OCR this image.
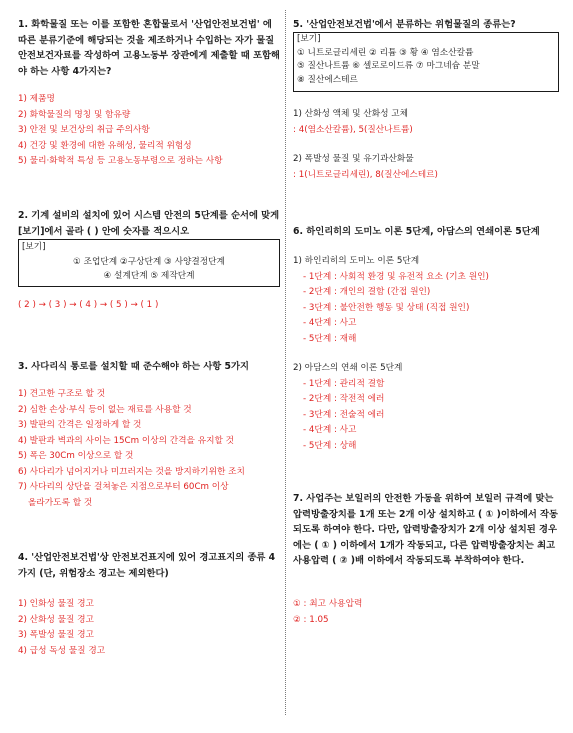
1. 화학물질 또는 이를 포함한 혼합물로서 '산업안전보건법' 에 따른 분류기준에 해당되는 것을 제조하거나 수입하는 자가 물질안전보건자료를 작성하여 고용노동부 장관에게 제출할 때 포함해야 하는 사항 4가지는?
1) 제품명
2) 화학물질의 명칭 및 함유량
3) 안전 및 보건상의 취급 주의사항
4) 건강 및 환경에 대한 유해성, 물리적 위험성
5) 물리·화학적 특성 등 고용노동부령으로 정하는 사항
2. 기계 설비의 설치에 있어 시스템 안전의 5단계를 순서에 맞게 [보기]에서 골라 ( ) 안에 숫자를 적으시오
[보기]
① 조업단계 ②구상단계 ③ 사양결정단계
④ 설계단계 ⑤ 제작단계
( 2 ) → ( 3 ) → ( 4 ) → ( 5 ) → ( 1 )
3. 사다리식 통로를 설치할 때 준수해야 하는 사항 5가지
1) 견고한 구조로 할 것
2) 심한 손상·부식 등이 없는 재료를 사용할 것
3) 발판의 간격은 일정하게 할 것
4) 발판과 벽과의 사이는 15Cm 이상의 간격을 유지할 것
5) 폭은 30Cm 이상으로 할 것
6) 사다리가 넘어지거나 미끄러지는 것을 방지하기위한 조치
7) 사다리의 상단을 걸쳐놓은 지점으로부터 60Cm 이상
올라가도록 할 것
4. '산업안전보건법'상 안전보건표지에 있어 경고표지의 종류 4가지 (단, 위험장소 경고는 제외한다)
1) 인화성 물질 경고
2) 산화성 물질 경고
3) 폭발성 물질 경고
4) 급성 독성 물질 경고
5. '산업안전보건법'에서 분류하는 위험물질의 종류는?
[보기]
① 니트로글리세린 ② 리튬 ③ 황 ④ 염소산칼륨
⑤ 질산나트륨 ⑥ 셀로로이드류 ⑦ 마그네슘 분말
⑧ 질산에스테르
1) 산화성 액체 및 산화성 고체
: 4(염소산칼륨), 5(질산나트륨)
2) 폭발성 물질 및 유기과산화물
: 1(니트로글리세린), 8(질산에스테르)
6. 하인리히의 도미노 이론 5단계, 아담스의 연쇄이론 5단계
1) 하인리히의 도미노 이론 5단계
- 1단계 : 사회적 환경 및 유전적 요소 (기초 원인)
- 2단계 : 개인의 결함 (간접 원인)
- 3단계 : 불안전한 행동 및 상태 (직접 원인)
- 4단계 : 사고
- 5단계 : 재해
2) 아담스의 연쇄 이론 5단계
- 1단계 : 관리적 결함
- 2단계 : 작전적 에러
- 3단계 : 전술적 에러
- 4단계 : 사고
- 5단계 : 상해
7. 사업주는 보일러의 안전한 가동을 위하여 보일러 규격에 맞는 압력방출장치를 1개 또는 2개 이상 설치하고 ( ① )이하에서 작동되도록 하여야 한다. 다만, 압력방출장치가 2개 이상 설치된 경우에는 ( ① ) 이하에서 1개가 작동되고, 다른 압력방출장치는 최고 사용압력 ( ② )배 이하에서 작동되도록 부착하여야 한다.
① : 최고 사용압력
② : 1.05
